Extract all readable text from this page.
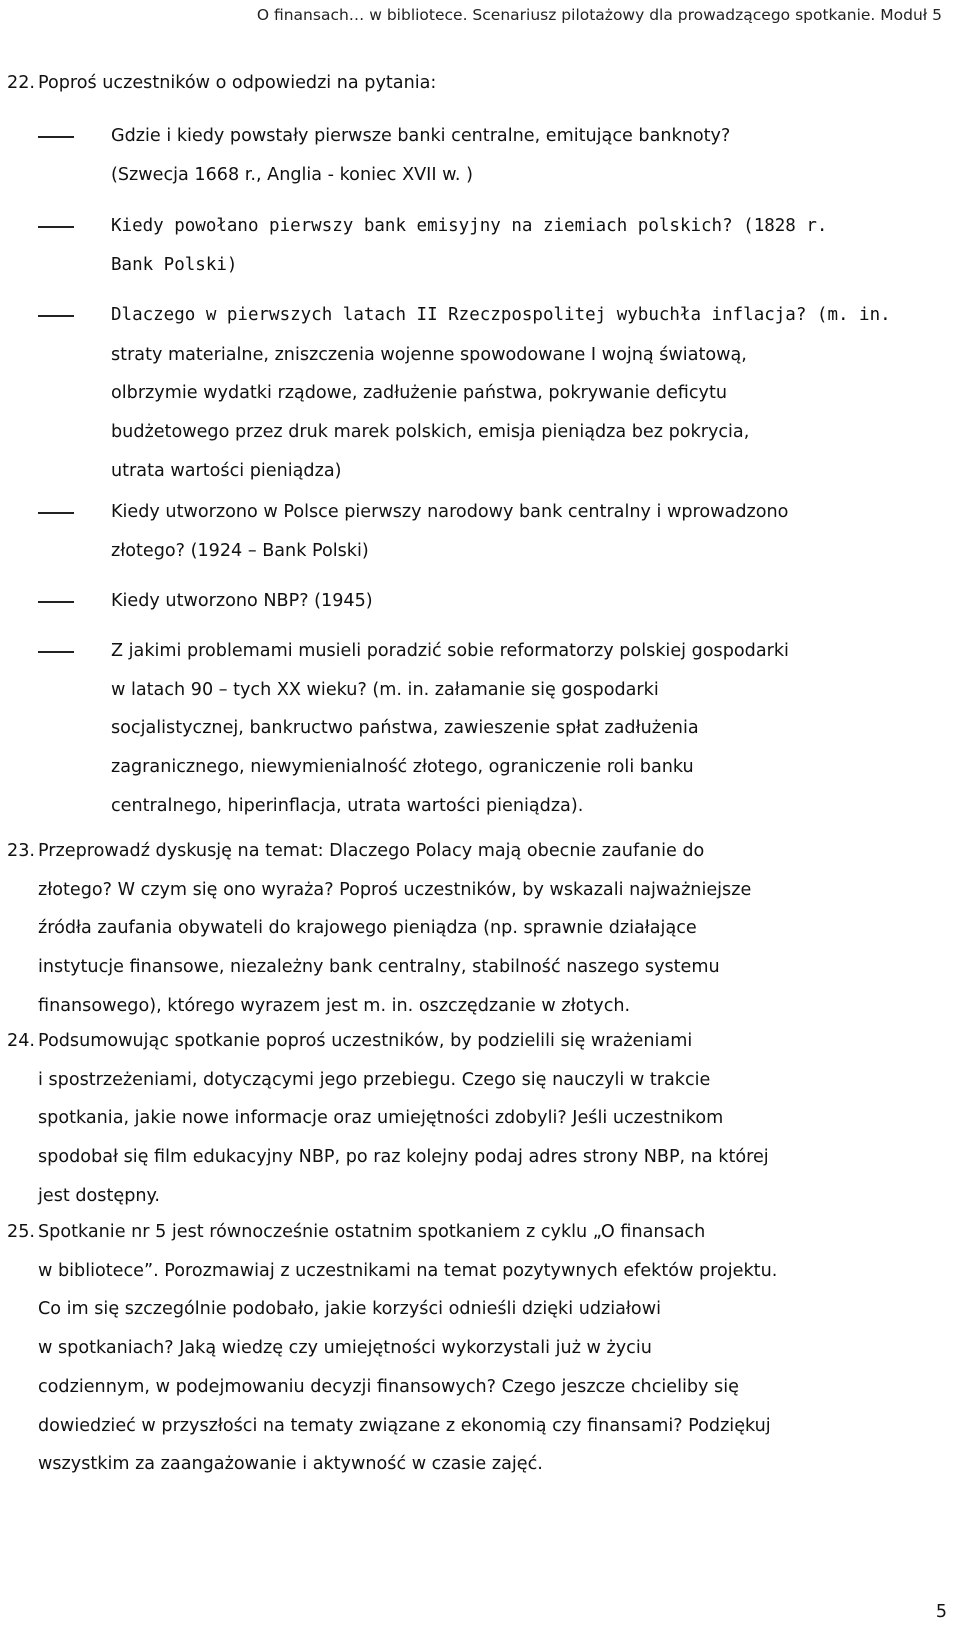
O finansach… w bibliotece. Scenariusz pilotażowy dla prowadzącego spotkanie. Moduł 5
22. Poproś uczestników o odpowiedzi na pytania:
Gdzie i kiedy powstały pierwsze banki centralne, emitujące banknoty?
(Szwecja 1668 r., Anglia - koniec XVII w. )
Kiedy powołano pierwszy bank emisyjny na ziemiach polskich? (1828 r.
Bank Polski)
Dlaczego w pierwszych latach II Rzeczpospolitej wybuchła inflacja? (m. in.
straty materialne, zniszczenia wojenne spowodowane I wojną światową,
olbrzymie wydatki rządowe, zadłużenie państwa, pokrywanie deficytu
budżetowego przez druk marek polskich, emisja pieniądza bez pokrycia,
utrata wartości pieniądza)
Kiedy utworzono w Polsce pierwszy narodowy bank centralny i wprowadzono
złotego? (1924 – Bank Polski)
Kiedy utworzono NBP? (1945)
Z jakimi problemami musieli poradzić sobie reformatorzy polskiej gospodarki
w latach 90 – tych XX wieku? (m. in. załamanie się gospodarki
socjalistycznej, bankructwo państwa, zawieszenie spłat zadłużenia
zagranicznego, niewymienialność złotego, ograniczenie roli banku
centralnego, hiperinflacja, utrata wartości pieniądza).
23. Przeprowadź dyskusję na temat: Dlaczego Polacy mają obecnie zaufanie do
złotego? W czym się ono wyraża? Poproś uczestników, by wskazali najważniejsze
źródła zaufania obywateli do krajowego pieniądza (np. sprawnie działające
instytucje finansowe, niezależny bank centralny, stabilność naszego systemu
finansowego), którego wyrazem jest m. in. oszczędzanie w złotych.
24. Podsumowując spotkanie poproś uczestników, by podzielili się wrażeniami
i spostrzeżeniami, dotyczącymi jego przebiegu. Czego się nauczyli w trakcie
spotkania, jakie nowe informacje oraz umiejętności zdobyli? Jeśli uczestnikom
spodobał się film edukacyjny NBP, po raz kolejny podaj adres strony NBP, na której
jest dostępny.
25. Spotkanie nr 5 jest równocześnie ostatnim spotkaniem z cyklu „O finansach
w bibliotece”. Porozmawiaj z uczestnikami na temat pozytywnych efektów projektu.
Co im się szczególnie podobało, jakie korzyści odnieśli dzięki udziałowi
w spotkaniach? Jaką wiedzę czy umiejętności wykorzystali już w życiu
codziennym, w podejmowaniu decyzji finansowych? Czego jeszcze chcieliby się
dowiedzieć w przyszłości na tematy związane z ekonomią czy finansami? Podziękuj
wszystkim za zaangażowanie i aktywność w czasie zajęć.
5
